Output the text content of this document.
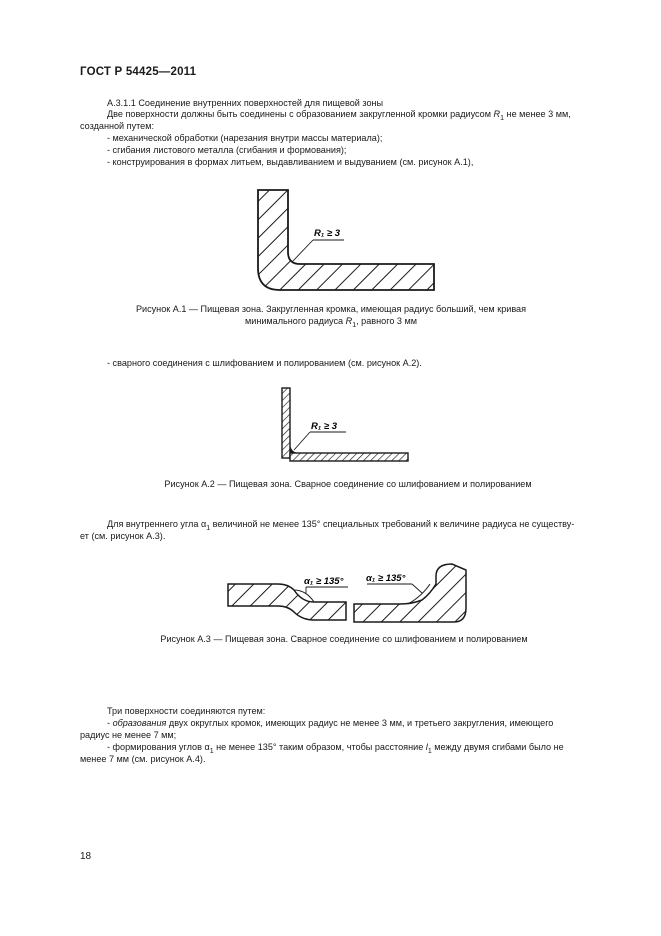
ГОСТ Р 54425—2011
А.3.1.1 Соединение внутренних поверхностей для пищевой зоны
Две поверхности должны быть соединены с образованием закругленной кромки радиусом $R_1$ не менее 3 мм,
созданной путем:
- механической обработки (нарезания внутри массы материала);
- сгибания листового металла (сгибания и формования);
- конструирования в формах литьем, выдавливанием и выдуванием (см. рисунок А.1),
R₁ ≥ 3
Рисунок А.1 — Пищевая зона. Закругленная кромка, имеющая радиус больший, чем кривая
минимального радиуса $R_1$, равного 3 мм
- сварного соединения с шлифованием и полированием (см. рисунок А.2).
R₁ ≥ 3
Рисунок А.2 — Пищевая зона. Сварное соединение со шлифованием и полированием
Для внутреннего угла $\alpha_1$ величиной не менее 135° специальных требований к величине радиуса не существу-
ет (см. рисунок А.3).
α₁ ≥ 135° α₁ ≥ 135°
Рисунок А.3 — Пищевая зона. Сварное соединение со шлифованием и полированием
Три поверхности соединяются путем:
- образования двух округлых кромок, имеющих радиус не менее 3 мм, и третьего закругления, имеющего
радиус не менее 7 мм;
- формирования углов $\alpha_1$ не менее 135° таким образом, чтобы расстояние $l_1$ между двумя сгибами было не
менее 7 мм (см. рисунок А.4).
18
